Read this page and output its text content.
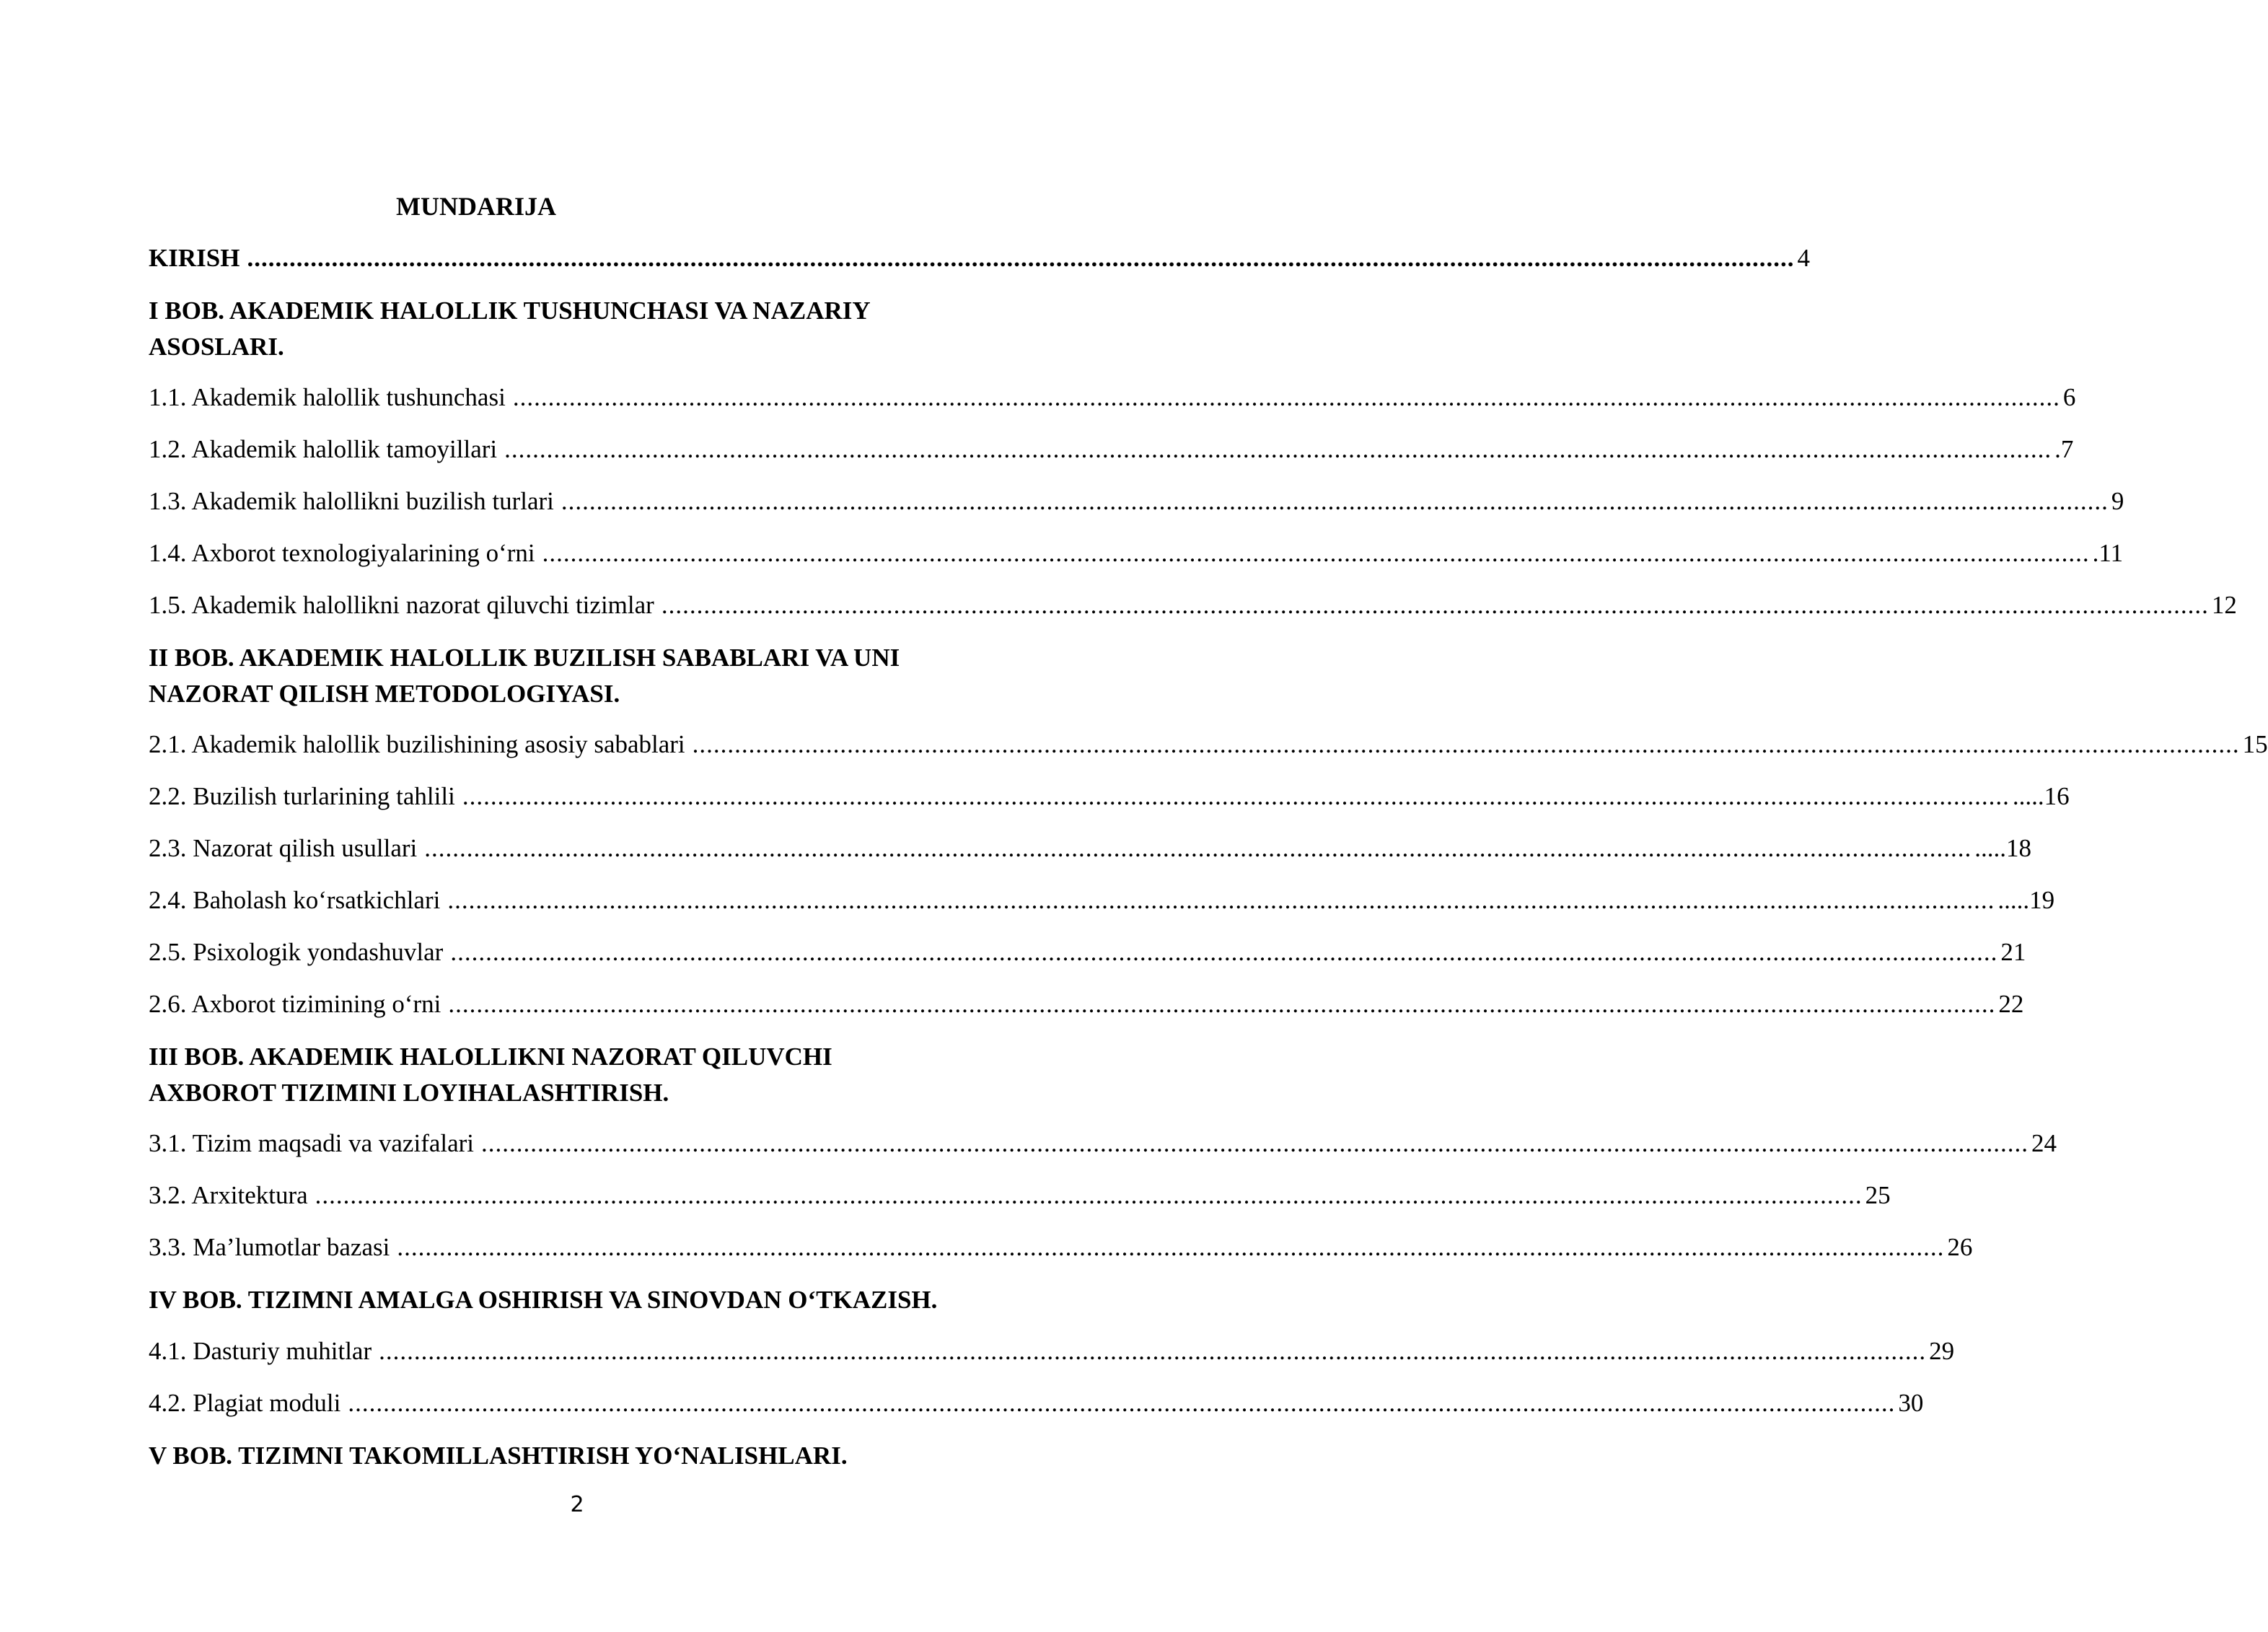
MUNDARIJA
KIRISH ............................................................................................................................................................................................................................ 4
I BOB. AKADEMIK HALOLLIK TUSHUNCHASI VA NAZARIY
ASOSLARI.
1.1. Akademik halollik tushunchasi ............................................................................................................................................................................................................................ 6
1.2. Akademik halollik tamoyillari ............................................................................................................................................................................................................................ .7
1.3. Akademik halollikni buzilish turlari ............................................................................................................................................................................................................................ 9
1.4. Axborot texnologiyalarining o‘rni ............................................................................................................................................................................................................................ .11
1.5. Akademik halollikni nazorat qiluvchi tizimlar ............................................................................................................................................................................................................................ 12
II BOB. AKADEMIK HALOLLIK BUZILISH SABABLARI VA UNI
NAZORAT QILISH METODOLOGIYASI.
2.1. Akademik halollik buzilishining asosiy sabablari ............................................................................................................................................................................................................................ 15
2.2. Buzilish turlarining tahlili ............................................................................................................................................................................................................................ .....16
2.3. Nazorat qilish usullari ............................................................................................................................................................................................................................ .....18
2.4. Baholash ko‘rsatkichlari ............................................................................................................................................................................................................................ .....19
2.5. Psixologik yondashuvlar ............................................................................................................................................................................................................................ 21
2.6. Axborot tizimining o‘rni ............................................................................................................................................................................................................................ 22
III BOB. AKADEMIK HALOLLIKNI NAZORAT QILUVCHI
AXBOROT TIZIMINI LOYIHALASHTIRISH.
3.1. Tizim maqsadi va vazifalari ............................................................................................................................................................................................................................ 24
3.2. Arxitektura ............................................................................................................................................................................................................................ 25
3.3. Ma’lumotlar bazasi ............................................................................................................................................................................................................................ 26
IV BOB. TIZIMNI AMALGA OSHIRISH VA SINOVDAN O‘TKAZISH.
4.1. Dasturiy muhitlar ............................................................................................................................................................................................................................ 29
4.2. Plagiat moduli ............................................................................................................................................................................................................................ 30
V BOB. TIZIMNI TAKOMILLASHTIRISH YO‘NALISHLARI.
2
